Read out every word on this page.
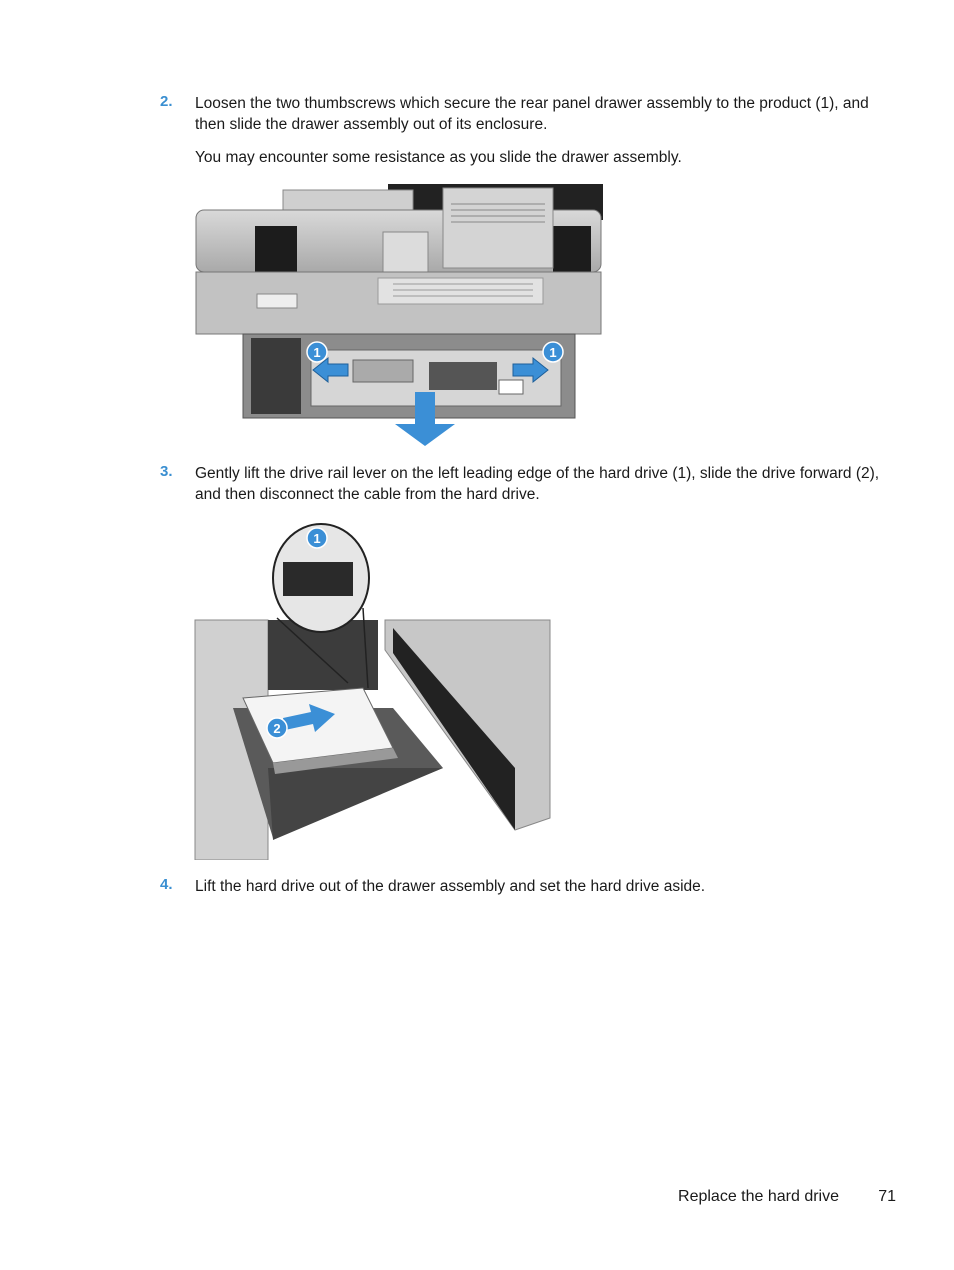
2. Loosen the two thumbscrews which secure the rear panel drawer assembly to the product (1), and then slide the drawer assembly out of its enclosure.
You may encounter some resistance as you slide the drawer assembly.
1	1
3. Gently lift the drive rail lever on the left leading edge of the hard drive (1), slide the drive forward (2), and then disconnect the cable from the hard drive.
1
2
4. Lift the hard drive out of the drawer assembly and set the hard drive aside.
Replace the hard drive 71
